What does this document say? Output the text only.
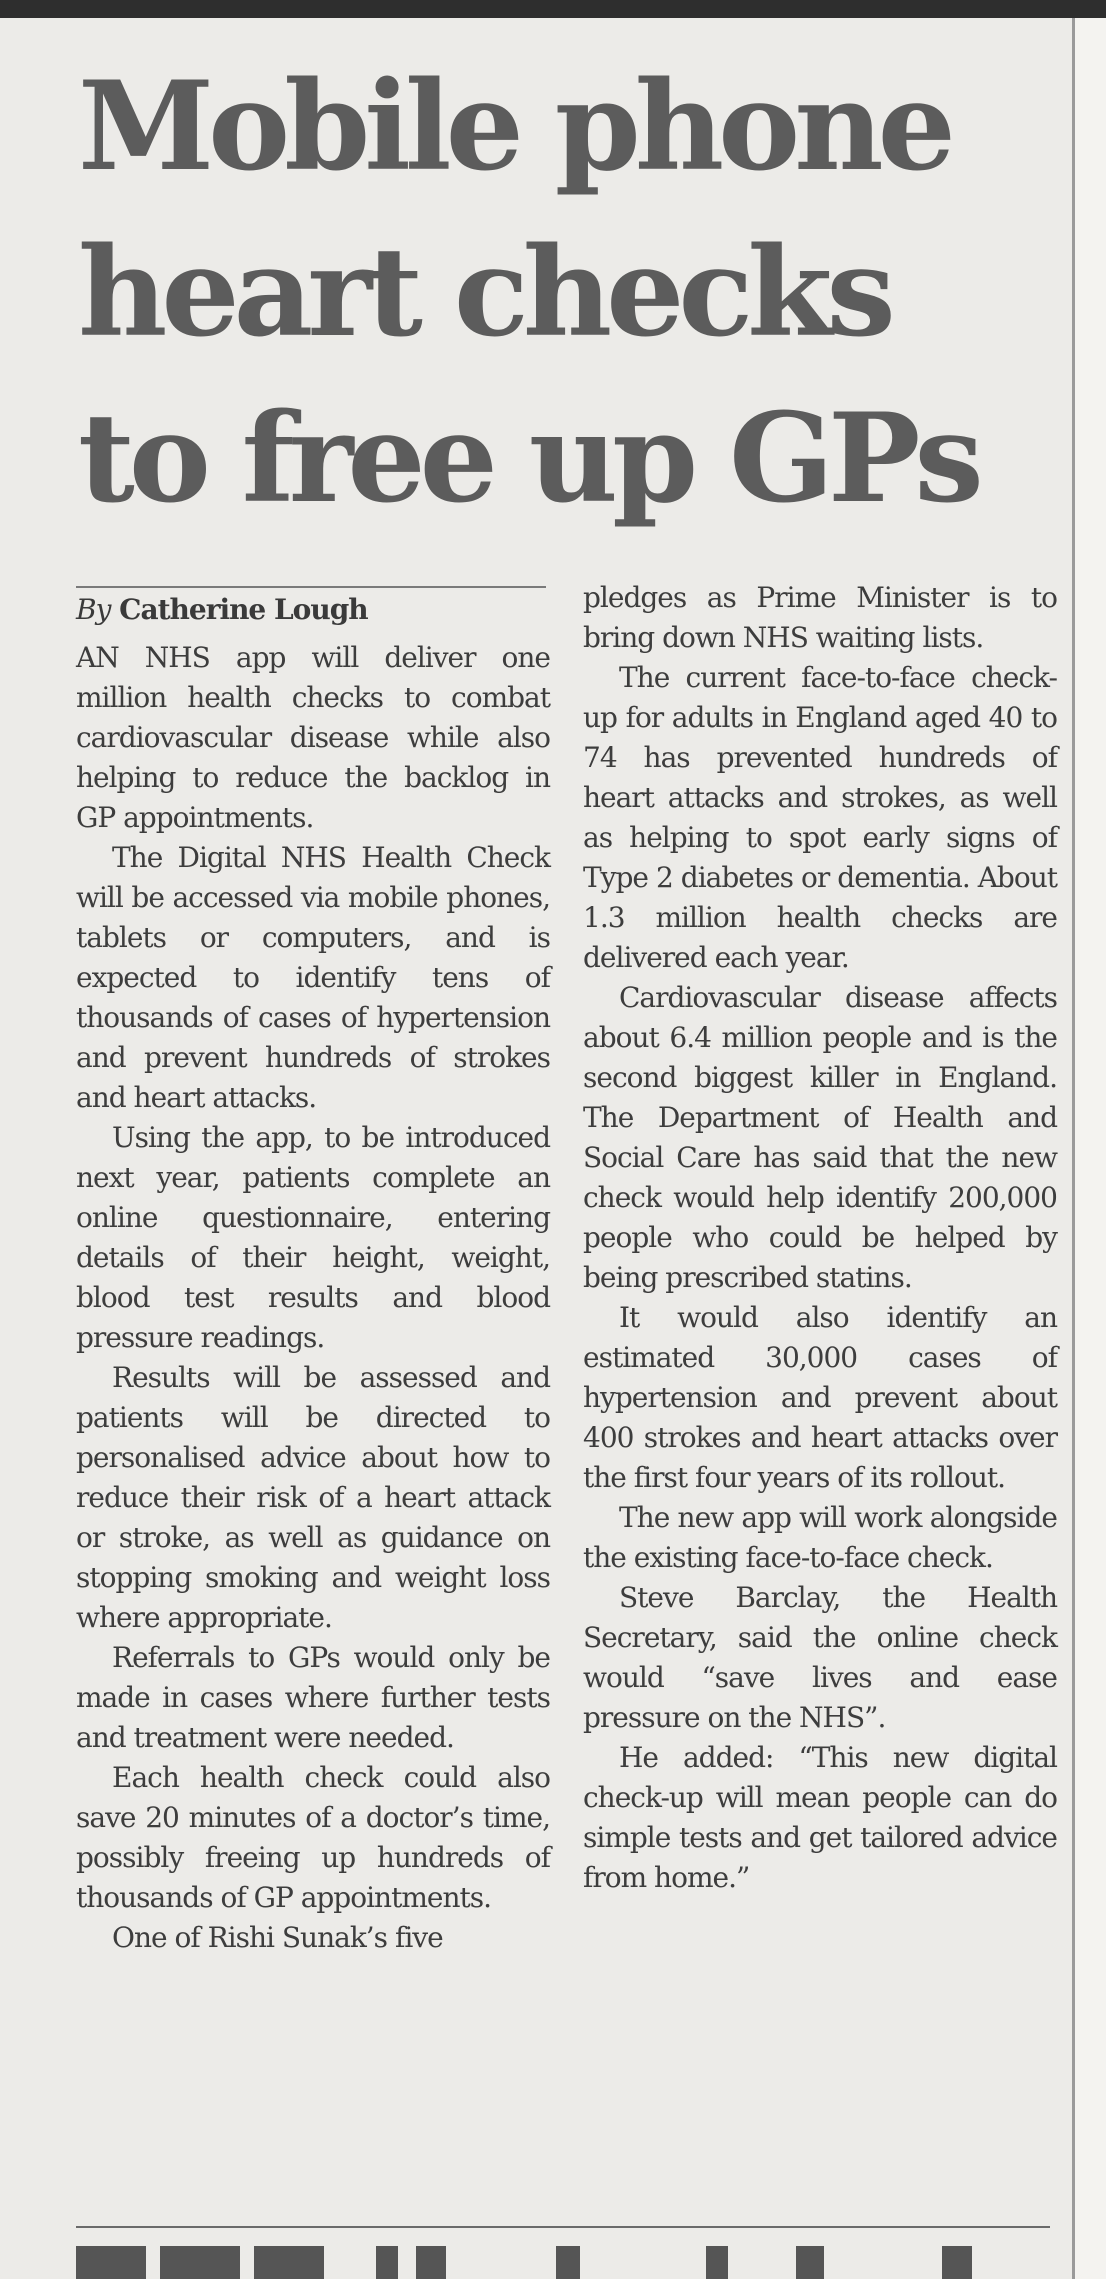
Mobile phone
heart checks
to free up GPs
By Catherine Lough

AN NHS app will deliver one million health checks to combat cardiovascular disease while also helping to reduce the backlog in GP appointments.

The Digital NHS Health Check will be accessed via mobile phones, tablets or computers, and is expected to identify tens of thousands of cases of hypertension and prevent hundreds of strokes and heart attacks.

Using the app, to be introduced next year, patients complete an online questionnaire, entering details of their height, weight, blood test results and blood pressure readings.

Results will be assessed and patients will be directed to personalised advice about how to reduce their risk of a heart attack or stroke, as well as guidance on stopping smoking and weight loss where appropriate.

Referrals to GPs would only be made in cases where further tests and treatment were needed.

Each health check could also save 20 minutes of a doctor’s time, possibly freeing up hundreds of thousands of GP appointments.

One of Rishi Sunak’s five

pledges as Prime Minister is to bring down NHS waiting lists.

The current face-to-face check-up for adults in England aged 40 to 74 has prevented hundreds of heart attacks and strokes, as well as helping to spot early signs of Type 2 diabetes or dementia. About 1.3 million health checks are delivered each year.

Cardiovascular disease affects about 6.4 million people and is the second biggest killer in England. The Department of Health and Social Care has said that the new check would help identify 200,000 people who could be helped by being prescribed statins.

It would also identify an estimated 30,000 cases of hypertension and prevent about 400 strokes and heart attacks over the first four years of its rollout.

The new app will work alongside the existing face-to-face check.

Steve Barclay, the Health Secretary, said the online check would “save lives and ease pressure on the NHS”.

He added: “This new digital check-up will mean people can do simple tests and get tailored advice from home.”
